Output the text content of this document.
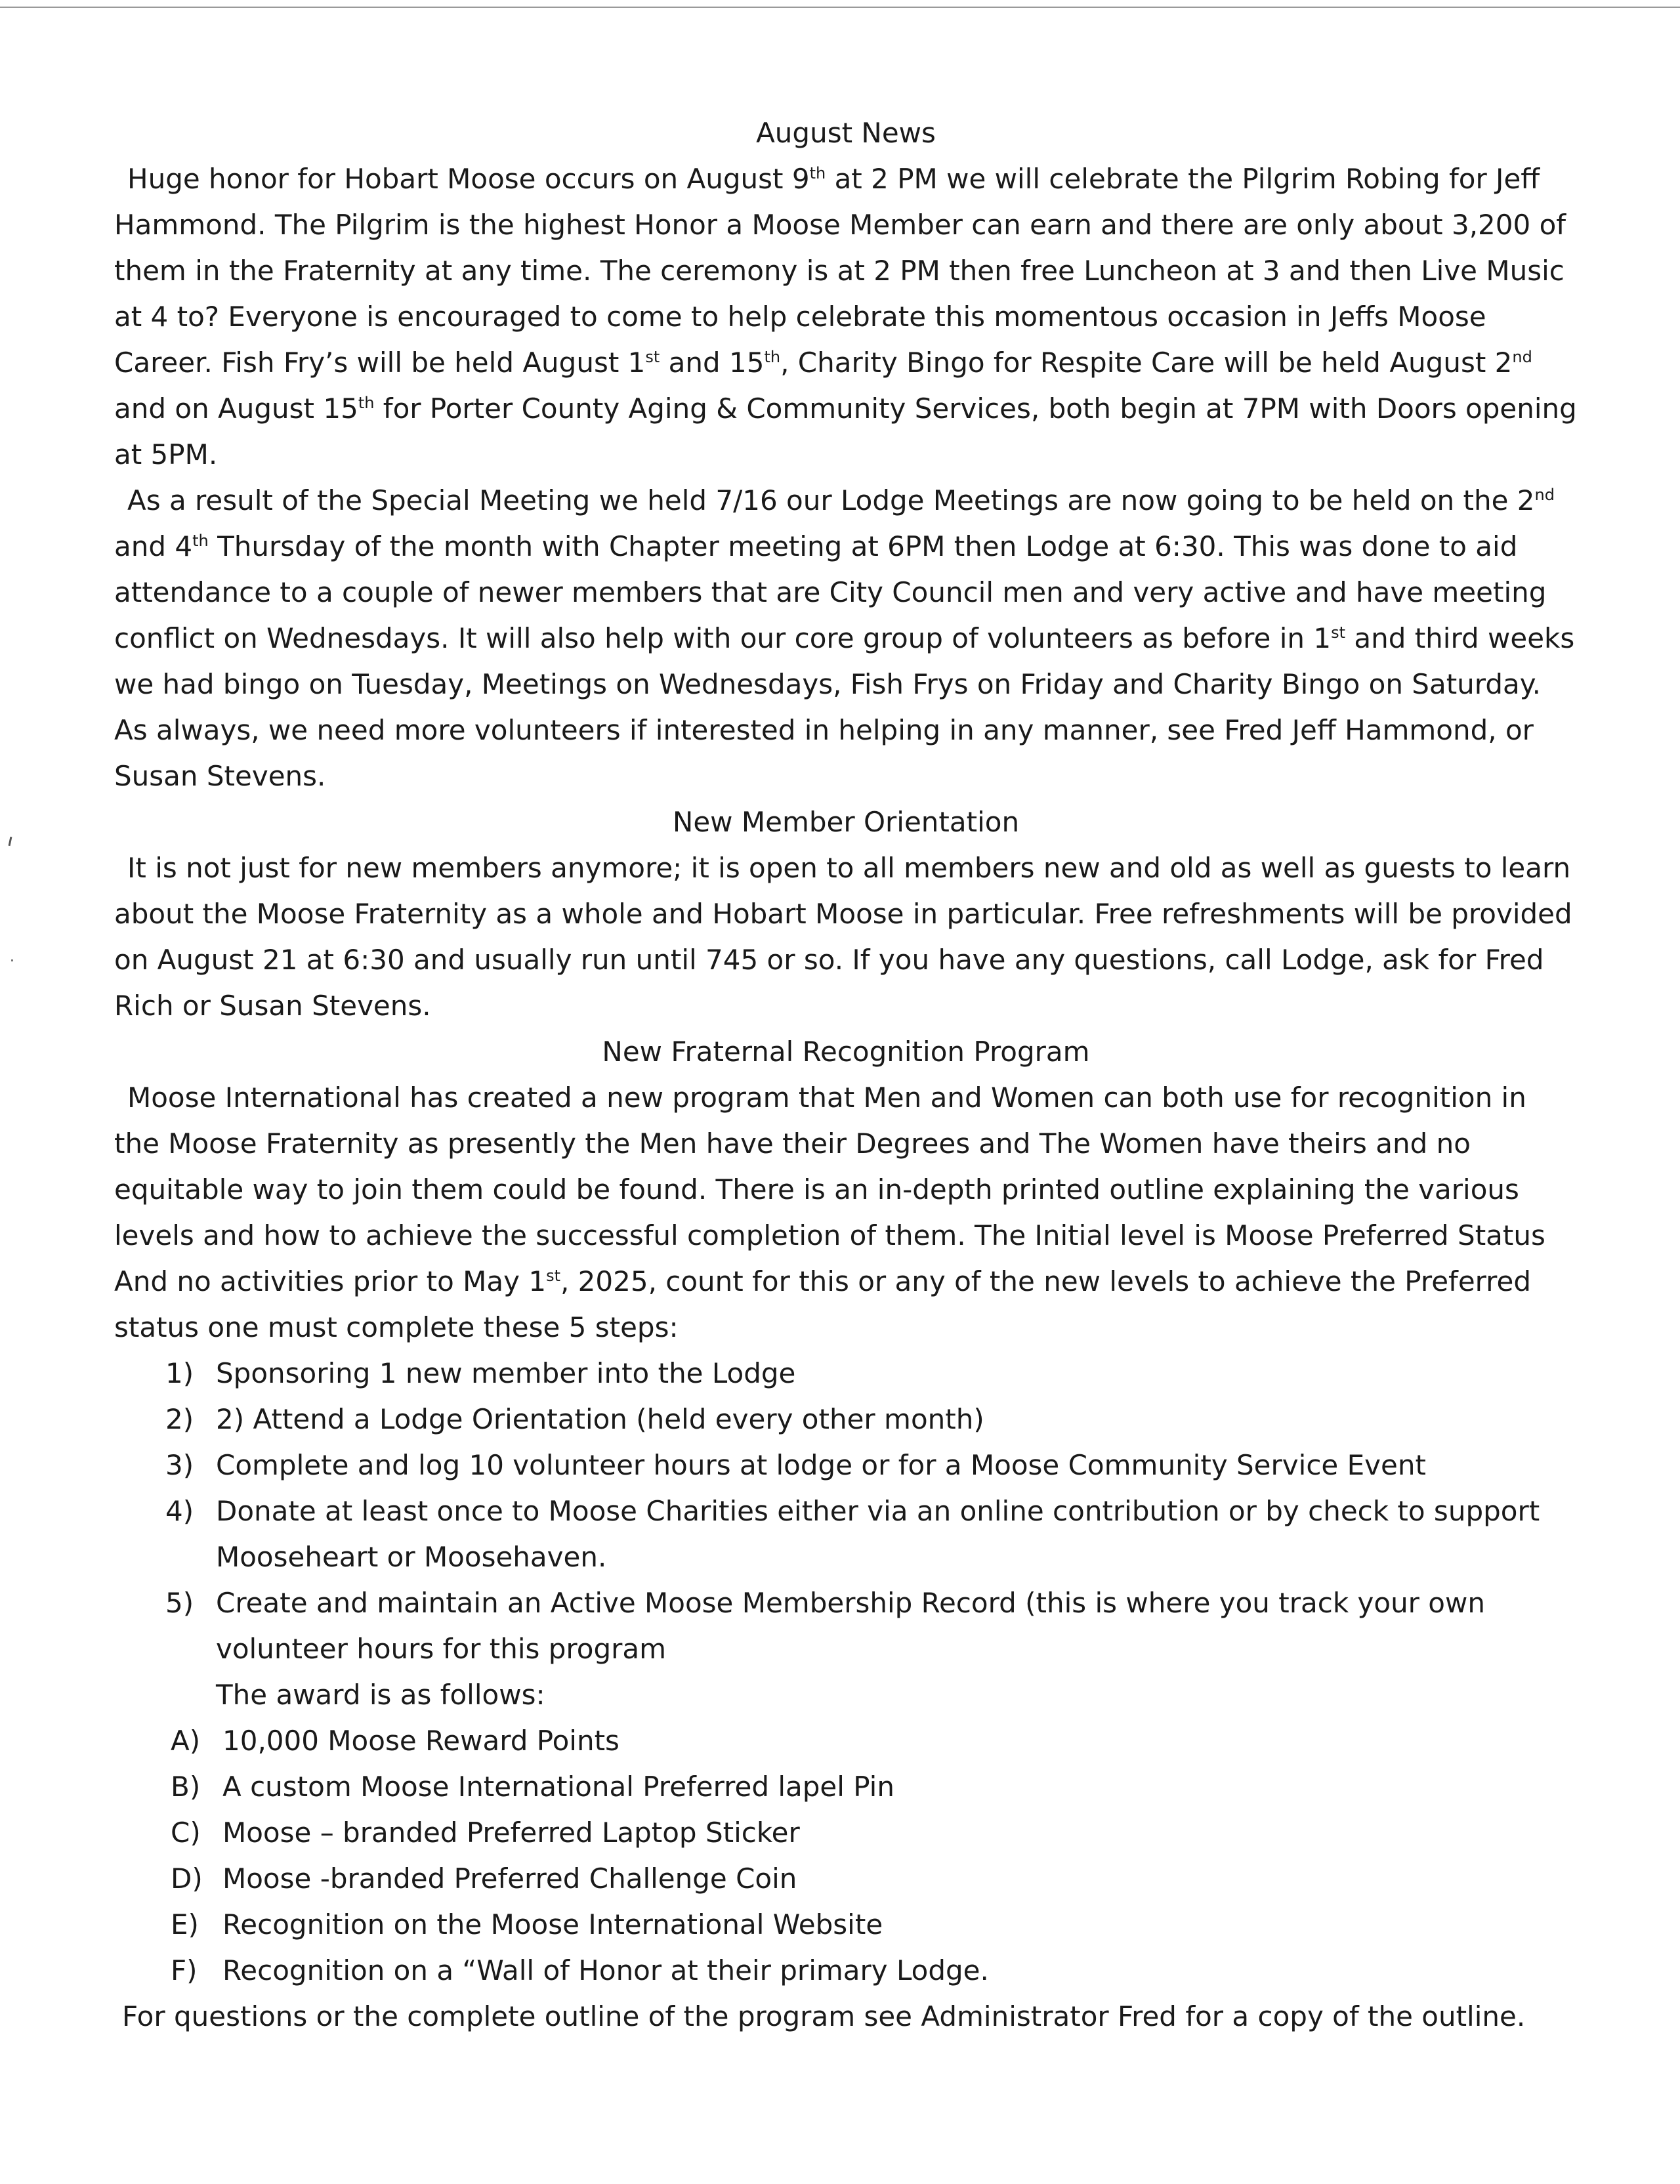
August News

Huge honor for Hobart Moose occurs on August 9th at 2 PM we will celebrate the Pilgrim Robing for Jeff Hammond. The Pilgrim is the highest Honor a Moose Member can earn and there are only about 3,200 of them in the Fraternity at any time. The ceremony is at 2 PM then free Luncheon at 3 and then Live Music at 4 to? Everyone is encouraged to come to help celebrate this momentous occasion in Jeffs Moose Career. Fish Fry’s will be held August 1st and 15th, Charity Bingo for Respite Care will be held August 2nd and on August 15th for Porter County Aging & Community Services, both begin at 7PM with Doors opening at 5PM.

As a result of the Special Meeting we held 7/16 our Lodge Meetings are now going to be held on the 2nd and 4th Thursday of the month with Chapter meeting at 6PM then Lodge at 6:30. This was done to aid attendance to a couple of newer members that are City Council men and very active and have meeting conflict on Wednesdays. It will also help with our core group of volunteers as before in 1st and third weeks we had bingo on Tuesday, Meetings on Wednesdays, Fish Frys on Friday and Charity Bingo on Saturday. As always, we need more volunteers if interested in helping in any manner, see Fred Jeff Hammond, or Susan Stevens.

New Member Orientation

It is not just for new members anymore; it is open to all members new and old as well as guests to learn about the Moose Fraternity as a whole and Hobart Moose in particular. Free refreshments will be provided on August 21 at 6:30 and usually run until 745 or so. If you have any questions, call Lodge, ask for Fred Rich or Susan Stevens.

New Fraternal Recognition Program

Moose International has created a new program that Men and Women can both use for recognition in the Moose Fraternity as presently the Men have their Degrees and The Women have theirs and no equitable way to join them could be found. There is an in-depth printed outline explaining the various levels and how to achieve the successful completion of them. The Initial level is Moose Preferred Status And no activities prior to May 1st, 2025, count for this or any of the new levels to achieve the Preferred status one must complete these 5 steps:

1) Sponsoring 1 new member into the Lodge
2) 2) Attend a Lodge Orientation (held every other month)
3) Complete and log 10 volunteer hours at lodge or for a Moose Community Service Event
4) Donate at least once to Moose Charities either via an online contribution or by check to support Mooseheart or Moosehaven.
5) Create and maintain an Active Moose Membership Record (this is where you track your own volunteer hours for this program
The award is as follows:
A) 10,000 Moose Reward Points
B) A custom Moose International Preferred lapel Pin
C) Moose – branded Preferred Laptop Sticker
D) Moose -branded Preferred Challenge Coin
E) Recognition on the Moose International Website
F) Recognition on a “Wall of Honor at their primary Lodge.

For questions or the complete outline of the program see Administrator Fred for a copy of the outline.
